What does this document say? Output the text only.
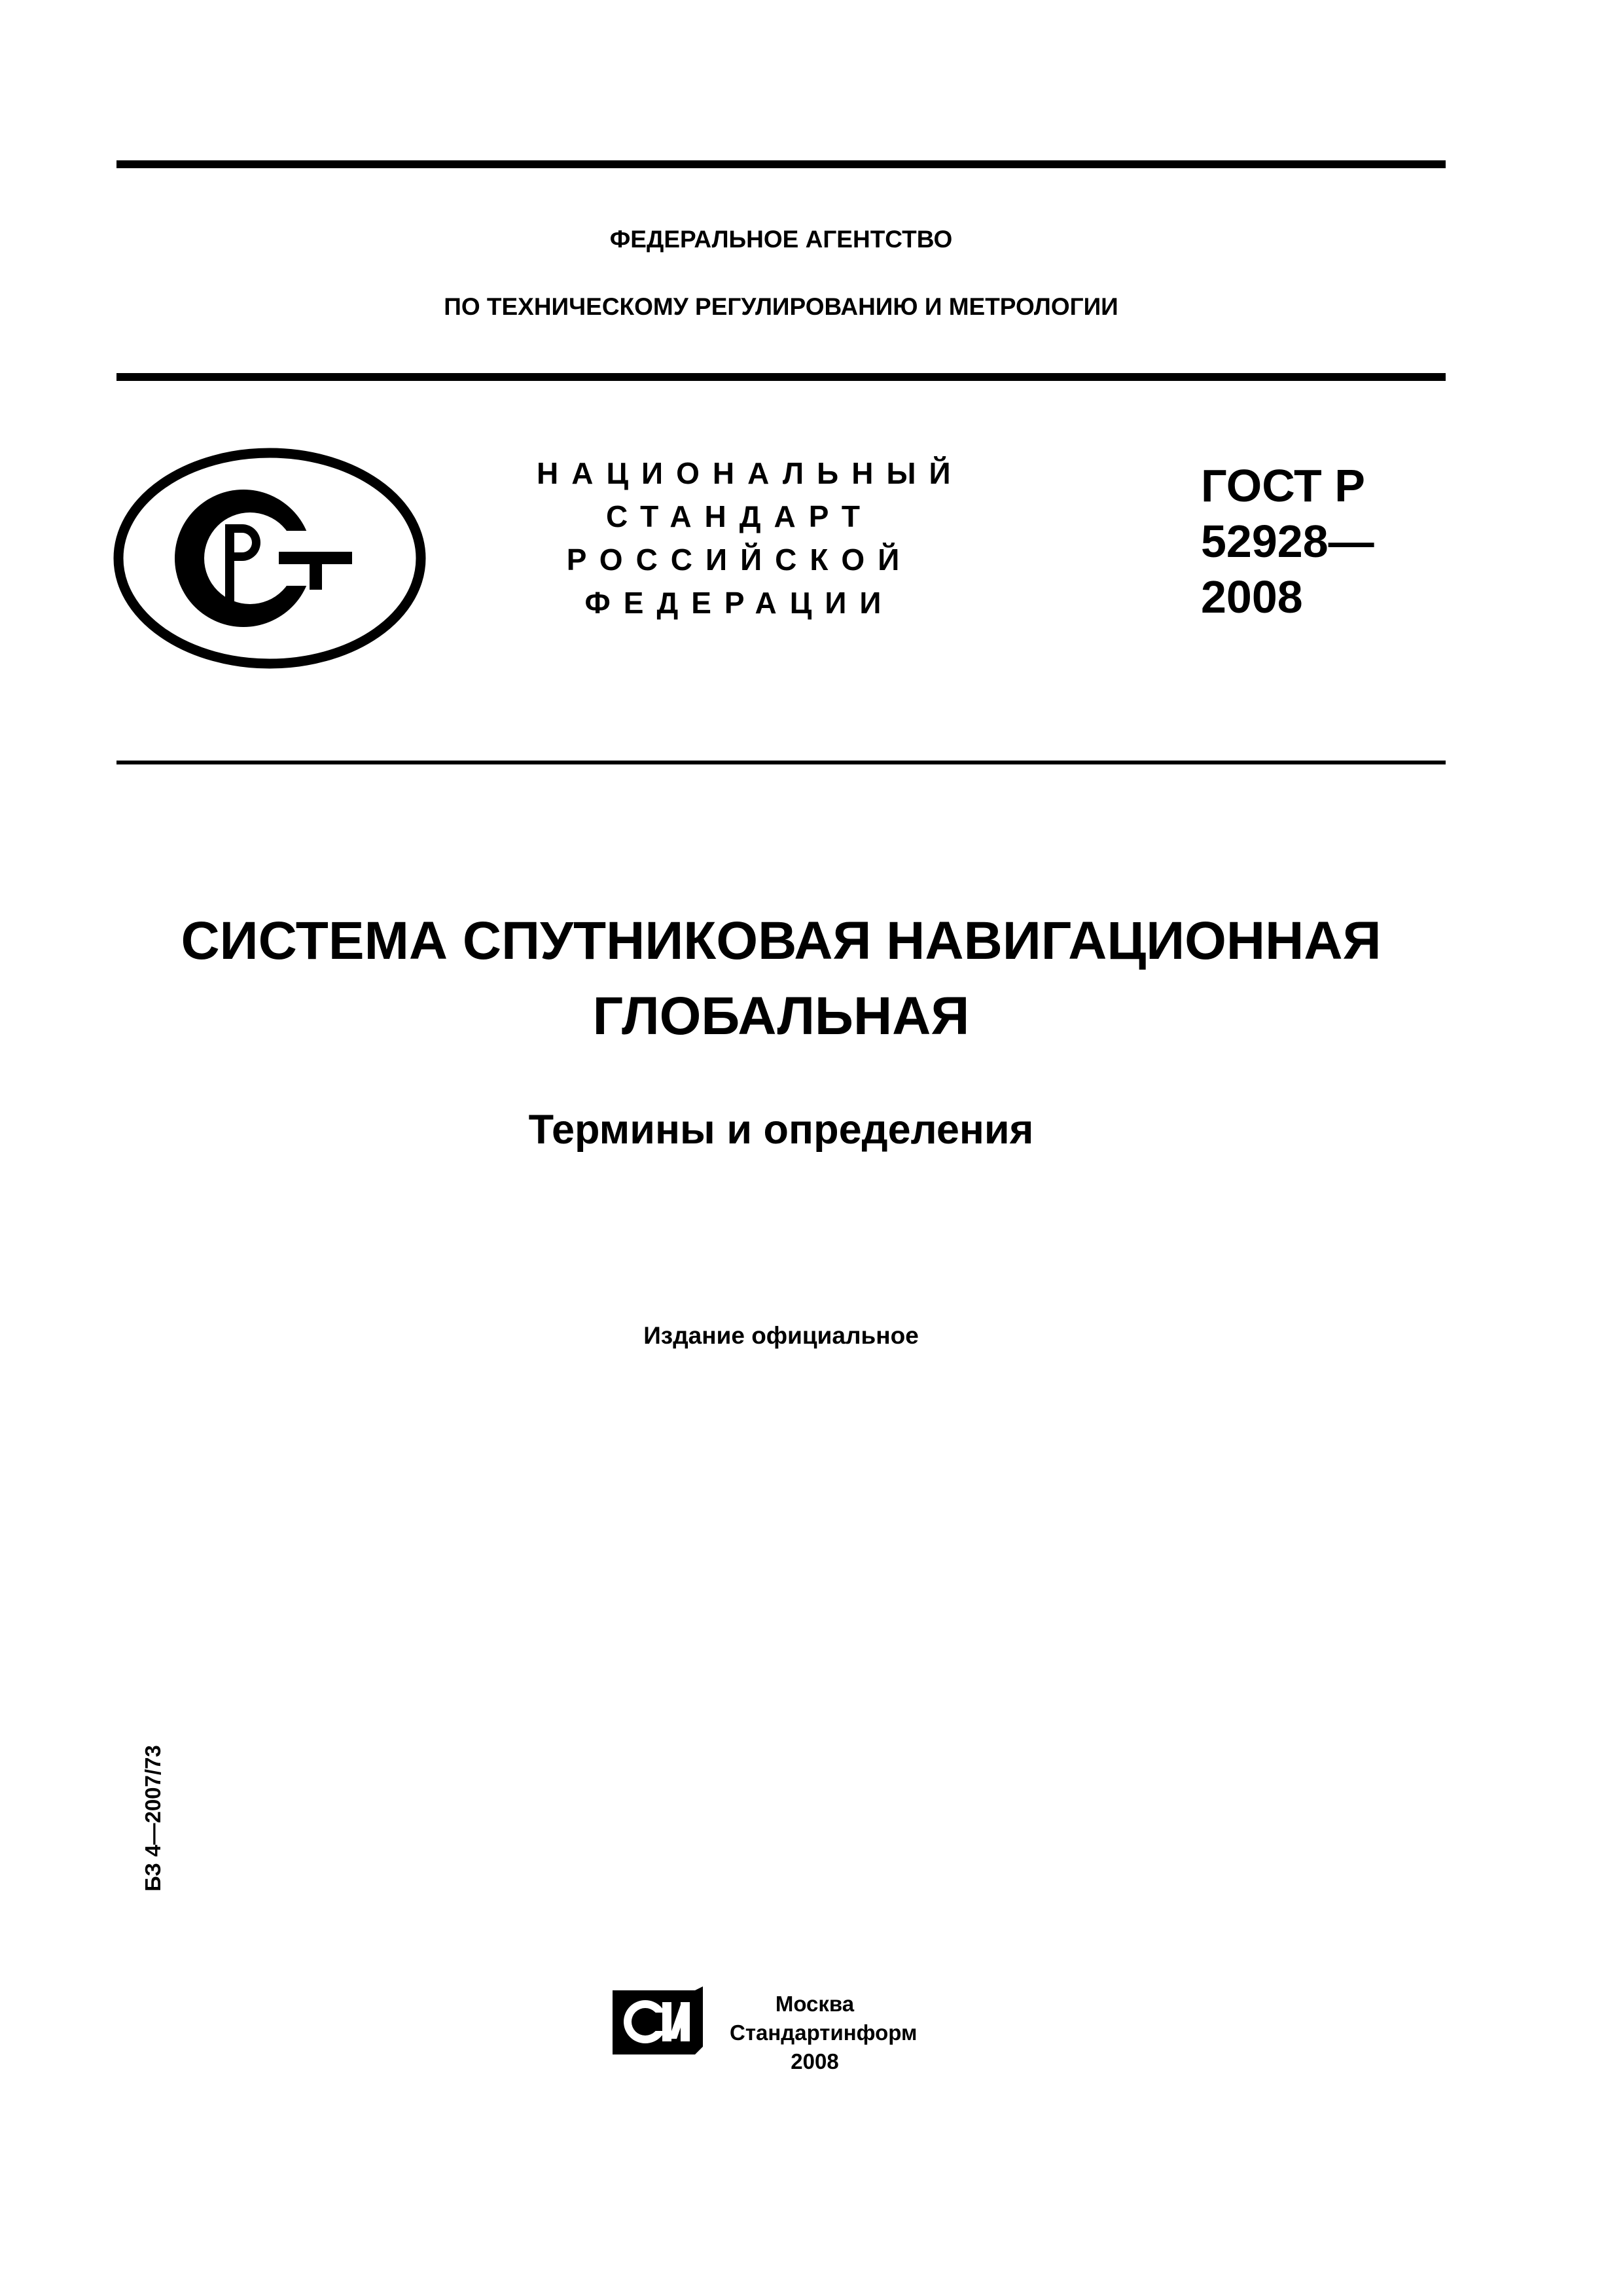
ФЕДЕРАЛЬНОЕ АГЕНТСТВО
ПО ТЕХНИЧЕСКОМУ РЕГУЛИРОВАНИЮ И МЕТРОЛОГИИ
НАЦИОНАЛЬНЫЙ
СТАНДАРТ
РОССИЙСКОЙ
ФЕДЕРАЦИИ
ГОСТ Р
52928—
2008
СИСТЕМА СПУТНИКОВАЯ НАВИГАЦИОННАЯ
ГЛОБАЛЬНАЯ
Термины и определения
Издание официальное
БЗ 4—2007/73
Москва
Стандартинформ
2008
